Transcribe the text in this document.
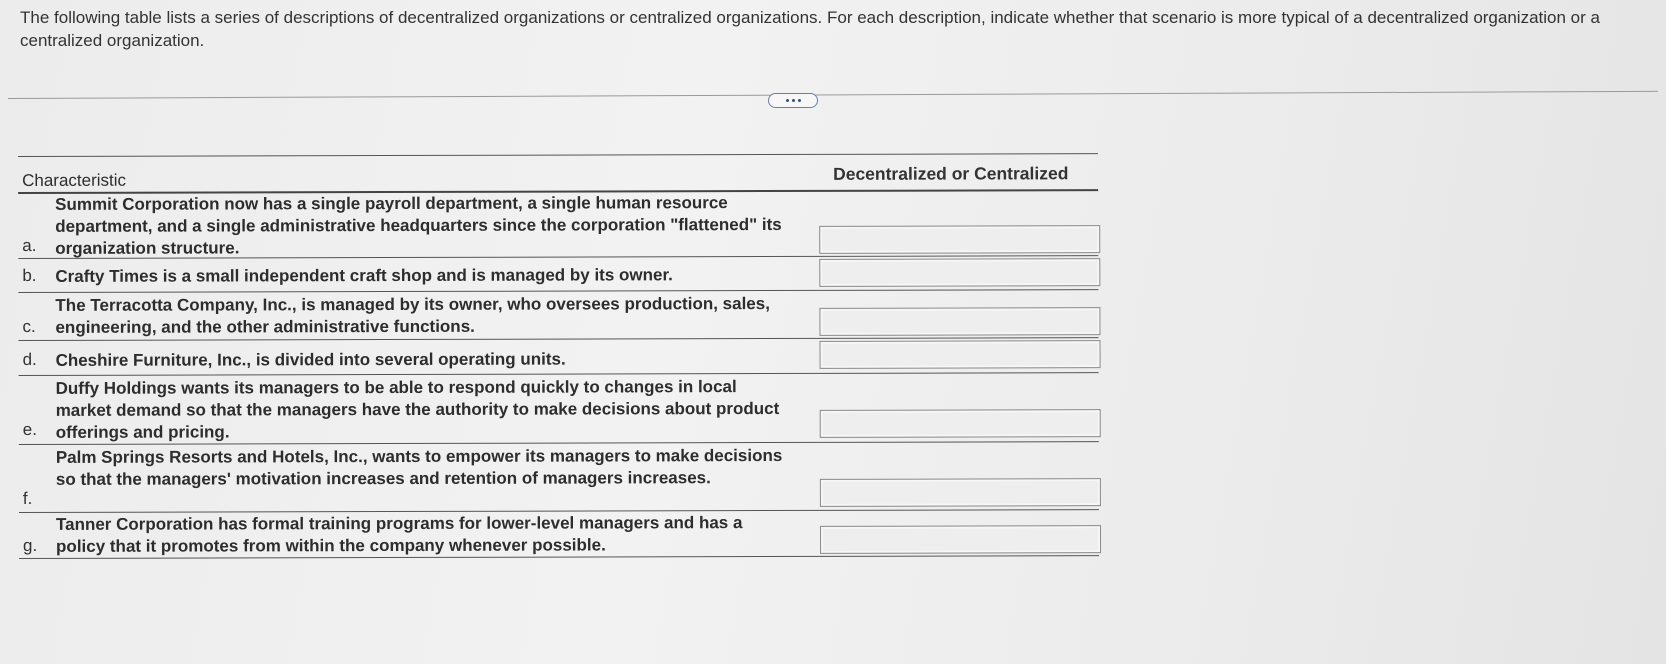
The following table lists a series of descriptions of decentralized organizations or centralized organizations. For each description, indicate whether that scenario is more typical of a decentralized organization or a centralized organization.
Characteristic	Decentralized or Centralized
a.
Summit Corporation now has a single payroll department, a single human resource department, and a single administrative headquarters since the corporation "flattened" its organization structure.
b. Crafty Times is a small independent craft shop and is managed by its owner.
c.
The Terracotta Company, Inc., is managed by its owner, who oversees production, sales, engineering, and the other administrative functions.
d. Cheshire Furniture, Inc., is divided into several operating units.
e.
Duffy Holdings wants its managers to be able to respond quickly to changes in local market demand so that the managers have the authority to make decisions about product offerings and pricing.
f.
Palm Springs Resorts and Hotels, Inc., wants to empower its managers to make decisions so that the managers' motivation increases and retention of managers increases.
g.
Tanner Corporation has formal training programs for lower-level managers and has a policy that it promotes from within the company whenever possible.
